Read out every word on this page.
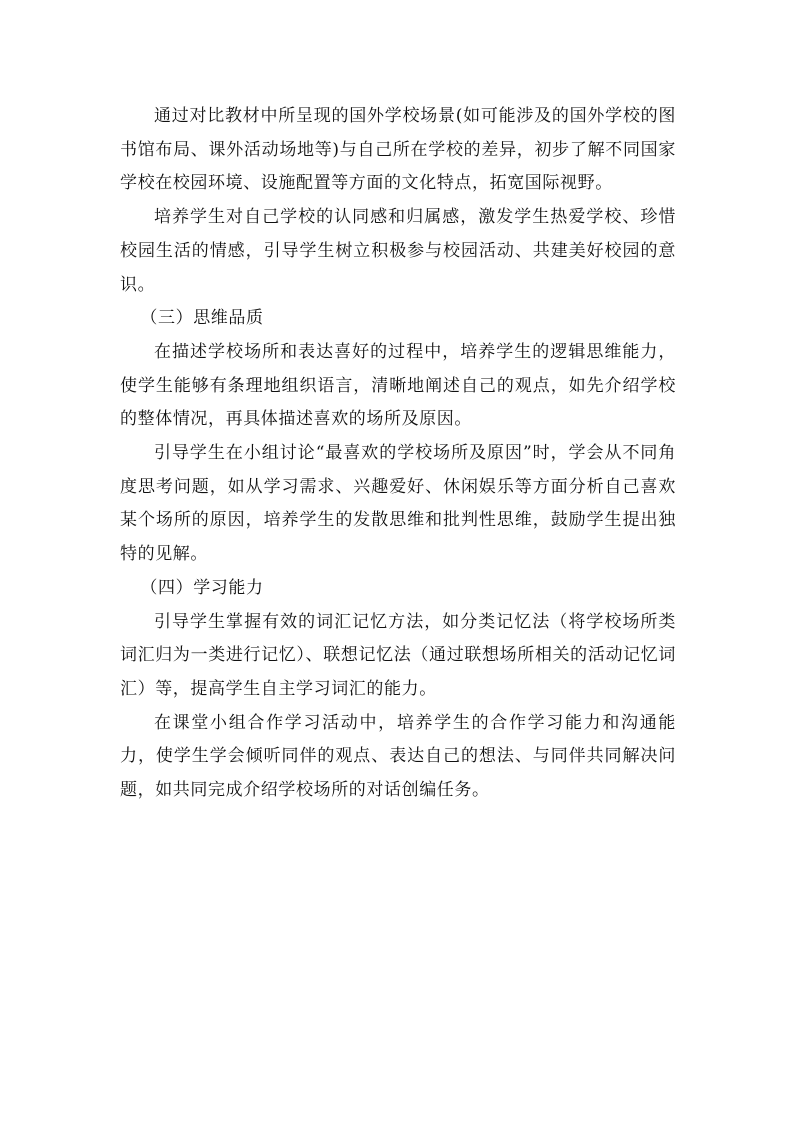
通过对比教材中所呈现的国外学校场景(如可能涉及的国外学校的图书馆布局、课外活动场地等)与自己所在学校的差异，初步了解不同国家学校在校园环境、设施配置等方面的文化特点，拓宽国际视野。

培养学生对自己学校的认同感和归属感，激发学生热爱学校、珍惜校园生活的情感，引导学生树立积极参与校园活动、共建美好校园的意识。

（三）思维品质

在描述学校场所和表达喜好的过程中，培养学生的逻辑思维能力，使学生能够有条理地组织语言，清晰地阐述自己的观点，如先介绍学校的整体情况，再具体描述喜欢的场所及原因。

引导学生在小组讨论“最喜欢的学校场所及原因”时，学会从不同角度思考问题，如从学习需求、兴趣爱好、休闲娱乐等方面分析自己喜欢某个场所的原因，培养学生的发散思维和批判性思维，鼓励学生提出独特的见解。

（四）学习能力

引导学生掌握有效的词汇记忆方法，如分类记忆法（将学校场所类词汇归为一类进行记忆）、联想记忆法（通过联想场所相关的活动记忆词汇）等，提高学生自主学习词汇的能力。

在课堂小组合作学习活动中，培养学生的合作学习能力和沟通能力，使学生学会倾听同伴的观点、表达自己的想法、与同伴共同解决问题，如共同完成介绍学校场所的对话创编任务。
